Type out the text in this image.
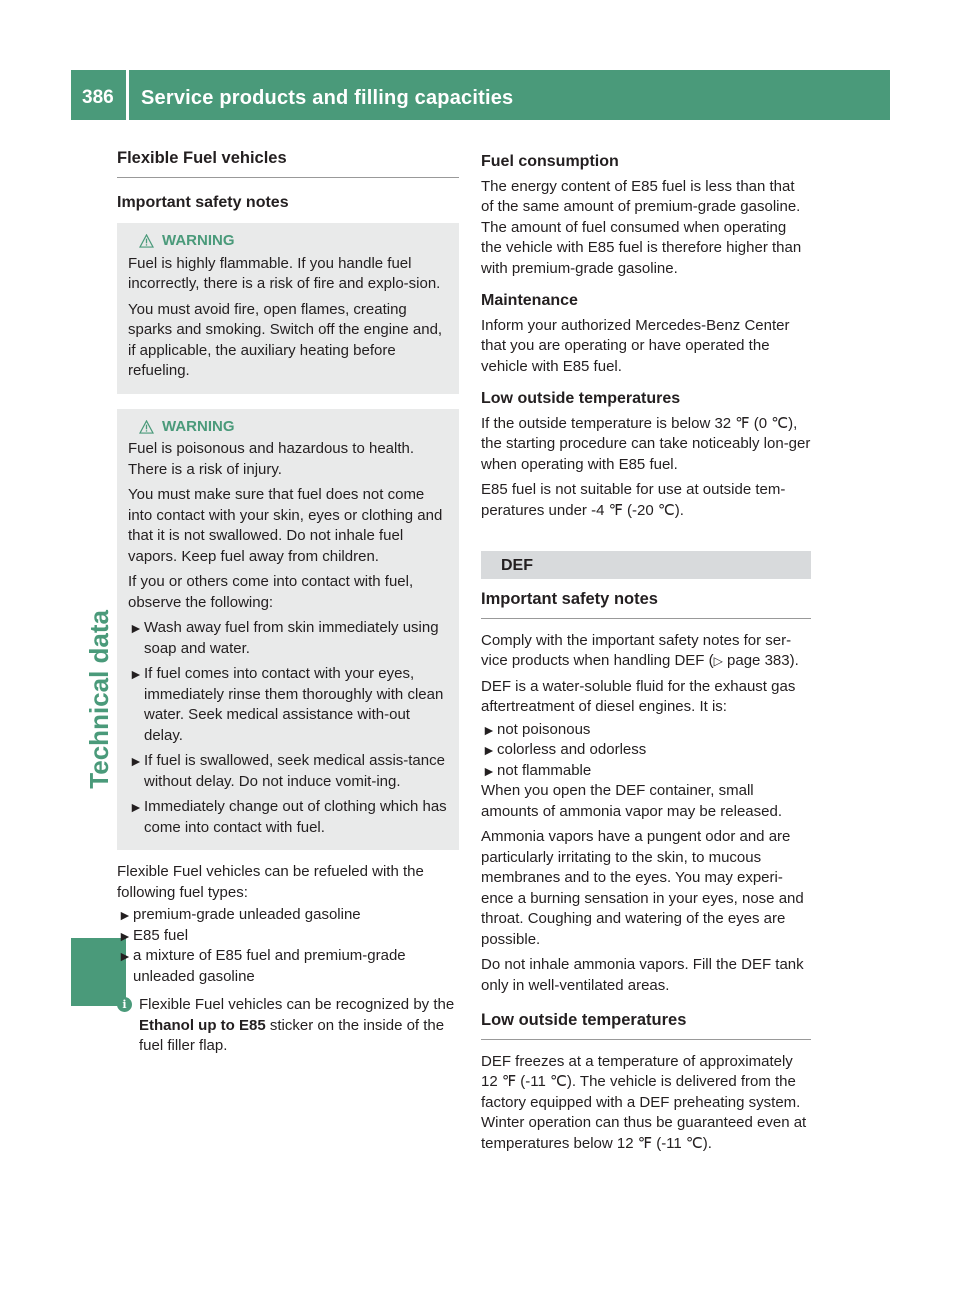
386 Service products and filling capacities
Technical data
Flexible Fuel vehicles
Important safety notes
WARNING

Fuel is highly flammable. If you handle fuel incorrectly, there is a risk of fire and explo-sion.

You must avoid fire, open flames, creating sparks and smoking. Switch off the engine and, if applicable, the auxiliary heating before refueling.

WARNING

Fuel is poisonous and hazardous to health. There is a risk of injury.

You must make sure that fuel does not come into contact with your skin, eyes or clothing and that it is not swallowed. Do not inhale fuel vapors. Keep fuel away from children.

If you or others come into contact with fuel, observe the following:

► Wash away fuel from skin immediately using soap and water.
► If fuel comes into contact with your eyes, immediately rinse them thoroughly with clean water. Seek medical assistance with-out delay.
► If fuel is swallowed, seek medical assis-tance without delay. Do not induce vomit-ing.
► Immediately change out of clothing which has come into contact with fuel.

Flexible Fuel vehicles can be refueled with the following fuel types:

► premium-grade unleaded gasoline
► E85 fuel
► a mixture of E85 fuel and premium-grade unleaded gasoline
i Flexible Fuel vehicles can be recognized by the Ethanol up to E85 sticker on the inside of the fuel filler flap.
Fuel consumption

The energy content of E85 fuel is less than that of the same amount of premium-grade gasoline. The amount of fuel consumed when operating the vehicle with E85 fuel is therefore higher than with premium-grade gasoline.

Maintenance

Inform your authorized Mercedes-Benz Center that you are operating or have operated the vehicle with E85 fuel.

Low outside temperatures

If the outside temperature is below 32 ℉ (0 ℃), the starting procedure can take noticeably lon-ger when operating with E85 fuel.

E85 fuel is not suitable for use at outside tem-peratures under -4 ℉ (-20 ℃).

DEF
Important safety notes

Comply with the important safety notes for ser-vice products when handling DEF (▷ page 383).

DEF is a water-soluble fluid for the exhaust gas aftertreatment of diesel engines. It is:

► not poisonous
► colorless and odorless
► not flammable

When you open the DEF container, small amounts of ammonia vapor may be released.

Ammonia vapors have a pungent odor and are particularly irritating to the skin, to mucous membranes and to the eyes. You may experi-ence a burning sensation in your eyes, nose and throat. Coughing and watering of the eyes are possible.

Do not inhale ammonia vapors. Fill the DEF tank only in well-ventilated areas.

Low outside temperatures

DEF freezes at a temperature of approximately 12 ℉ (-11 ℃). The vehicle is delivered from the factory equipped with a DEF preheating system. Winter operation can thus be guaranteed even at temperatures below 12 ℉ (-11 ℃).
